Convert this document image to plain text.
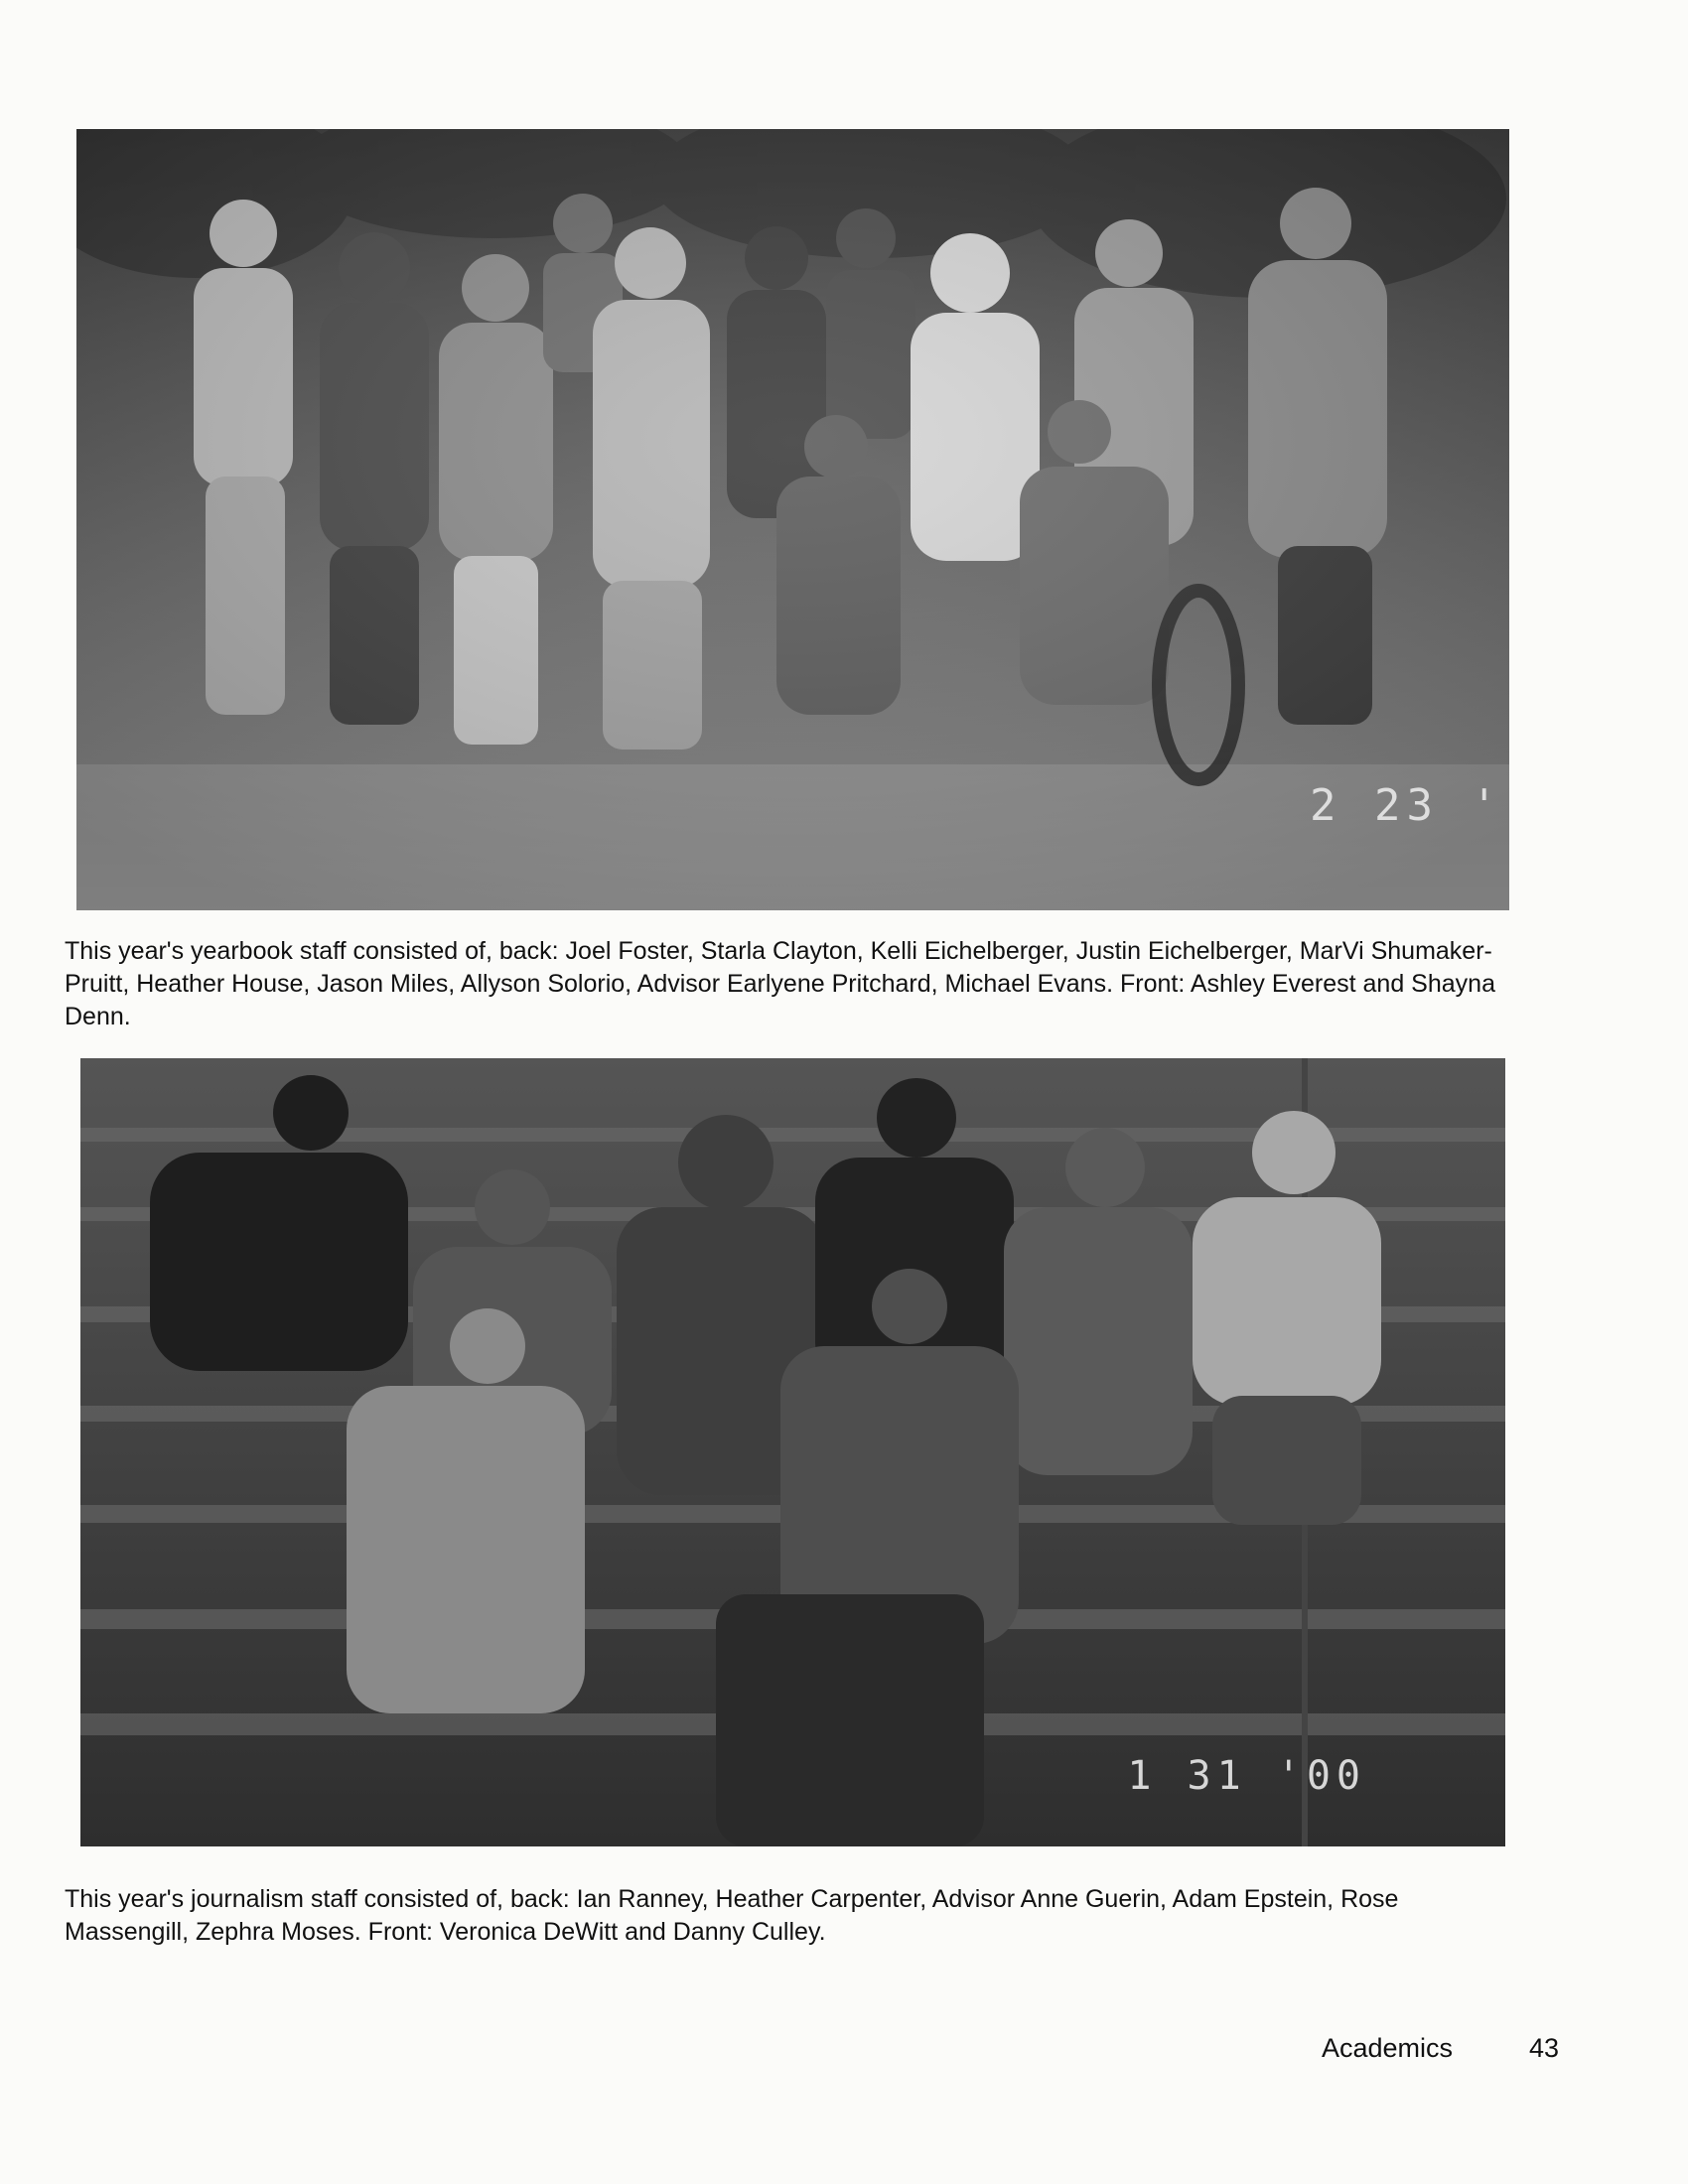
2 23 '
This year's yearbook staff consisted of, back: Joel Foster, Starla Clayton, Kelli Eichelberger, Justin Eichelberger, MarVi Shumaker-Pruitt, Heather House, Jason Miles, Allyson Solorio, Advisor Earlyene Pritchard, Michael Evans. Front: Ashley Everest and Shayna Denn.
1 31 '00
This year's journalism staff consisted of, back: Ian Ranney, Heather Carpenter, Advisor Anne Guerin, Adam Epstein, Rose Massengill, Zephra Moses. Front: Veronica DeWitt and Danny Culley.
Academics	43
